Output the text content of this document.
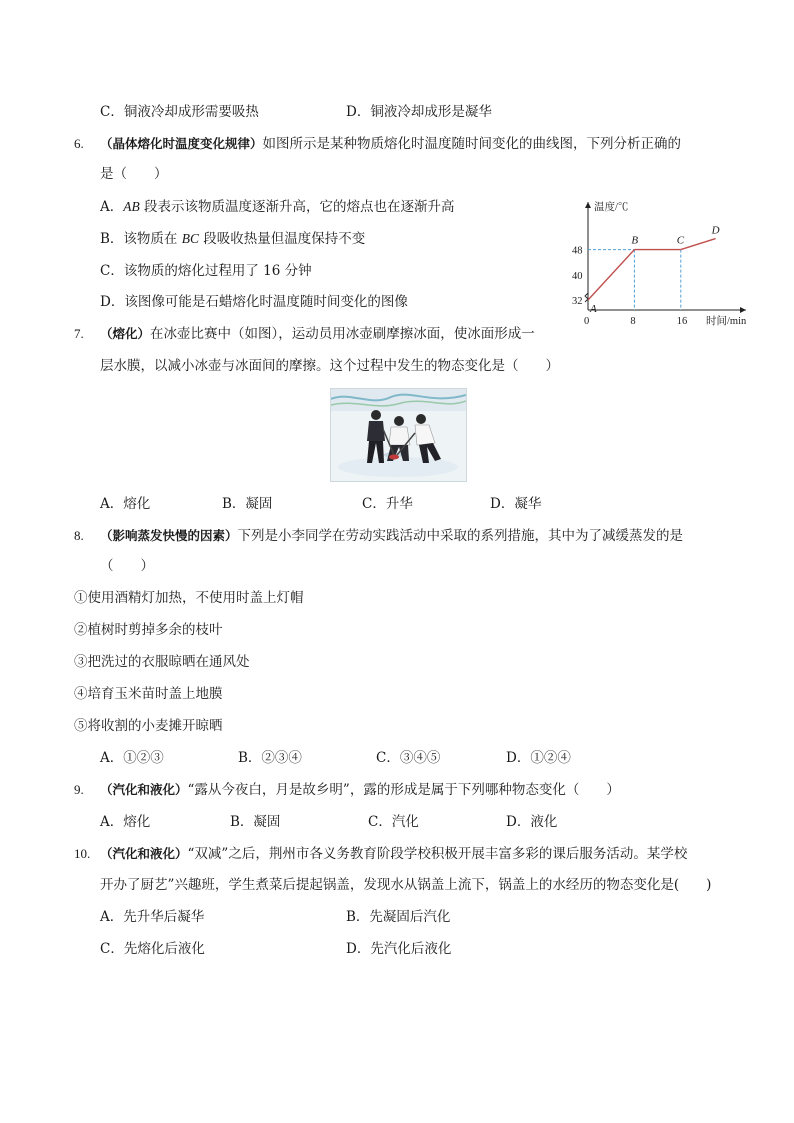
C．铜液冷却成形需要吸热	D．铜液冷却成形是凝华
6.	（晶体熔化时温度变化规律）如图所示是某种物质熔化时温度随时间变化的曲线图，下列分析正确的
是（　　）
A．AB 段表示该物质温度逐渐升高，它的熔点也在逐渐升高
B．该物质在 BC 段吸收热量但温度保持不变
C．该物质的熔化过程用了 16 分钟
D．该图像可能是石蜡熔化时温度随时间变化的图像
温度/℃
时间/min
0	8	16
32
40
48
A
B	C
D
7.	（熔化）在冰壶比赛中（如图），运动员用冰壶刷摩擦冰面，使冰面形成一
层水膜，以减小冰壶与冰面间的摩擦。这个过程中发生的物态变化是（　　）
A．熔化	B．凝固	C．升华	D．凝华
8.	（影响蒸发快慢的因素）下列是小李同学在劳动实践活动中采取的系列措施，其中为了减缓蒸发的是
（　　）
①使用酒精灯加热，不使用时盖上灯帽
②植树时剪掉多余的枝叶
③把洗过的衣服晾晒在通风处
④培育玉米苗时盖上地膜
⑤将收割的小麦摊开晾晒
A．①②③	B．②③④	C．③④⑤	D．①②④
9.	（汽化和液化）“露从今夜白，月是故乡明”，露的形成是属于下列哪种物态变化（　　）
A．熔化	B．凝固	C．汽化	D．液化
10. （汽化和液化）“双减”之后，荆州市各义务教育阶段学校积极开展丰富多彩的课后服务活动。某学校
开办了厨艺”兴趣班，学生煮菜后提起锅盖，发现水从锅盖上流下，锅盖上的水经历的物态变化是(　　)
A．先升华后凝华	B．先凝固后汽化
C．先熔化后液化	D．先汽化后液化
